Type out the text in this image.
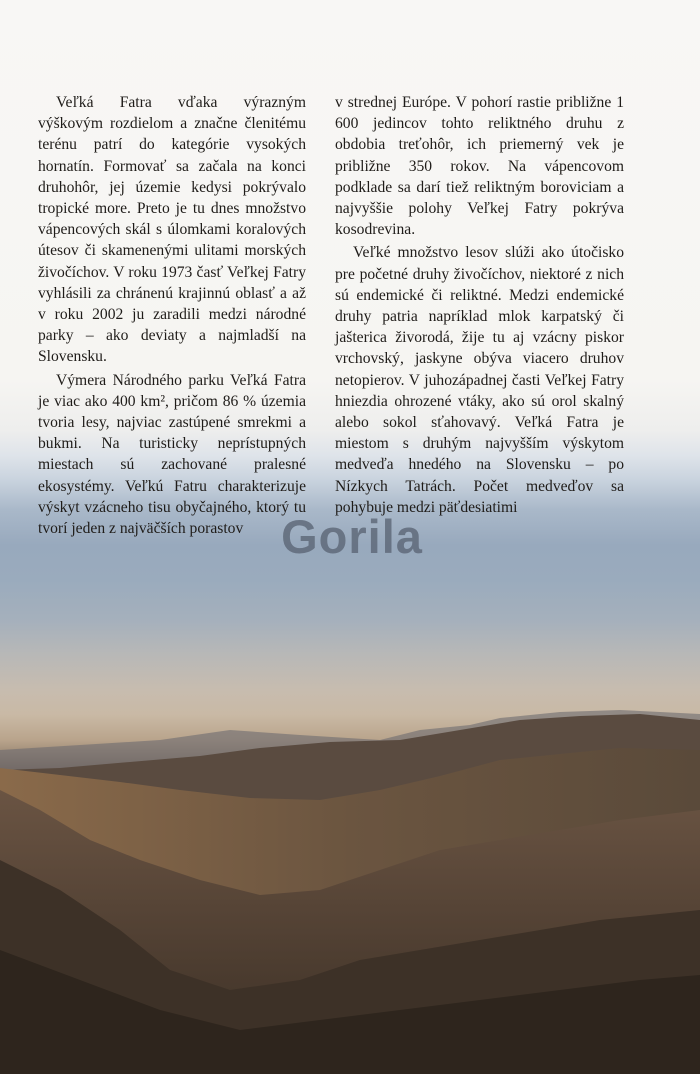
Veľká Fatra vďaka výrazným výškovým rozdielom a značne členitému terénu patrí do kategórie vysokých hornatín. Formovať sa začala na konci druhohôr, jej územie kedysi pokrývalo tropické more. Preto je tu dnes množstvo vápencových skál s úlomkami koralových útesov či skamenenými ulitami morských živočíchov. V roku 1973 časť Veľkej Fatry vyhlásili za chránenú krajinnú oblasť a až v roku 2002 ju zaradili medzi národné parky – ako deviaty a najmladší na Slovensku.

Výmera Národného parku Veľká Fatra je viac ako 400 km², pričom 86 % územia tvoria lesy, najviac zastúpené smrekmi a bukmi. Na turisticky neprístupných miestach sú zachované pralesné ekosystémy. Veľkú Fatru charakterizuje výskyt vzácneho tisu obyčajného, ktorý tu tvorí jeden z najväčších porastov

v strednej Európe. V pohorí rastie približne 1 600 jedincov tohto reliktného druhu z obdobia treťohôr, ich priemerný vek je približne 350 rokov. Na vápencovom podklade sa darí tiež reliktným boroviciam a najvyššie polohy Veľkej Fatry pokrýva kosodrevina.

Veľké množstvo lesov slúži ako útočisko pre početné druhy živočíchov, niektoré z nich sú endemické či reliktné. Medzi endemické druhy patria napríklad mlok karpatský či jašterica živorodá, žije tu aj vzácny piskor vrchovský, jaskyne obýva viacero druhov netopierov. V juhozápadnej časti Veľkej Fatry hniezdia ohrozené vtáky, ako sú orol skalný alebo sokol sťahovavý. Veľká Fatra je miestom s druhým najvyšším výskytom medveďa hnedého na Slovensku – po Nízkych Tatrách. Počet medveďov sa pohybuje medzi päťdesiatimi

Gorila
